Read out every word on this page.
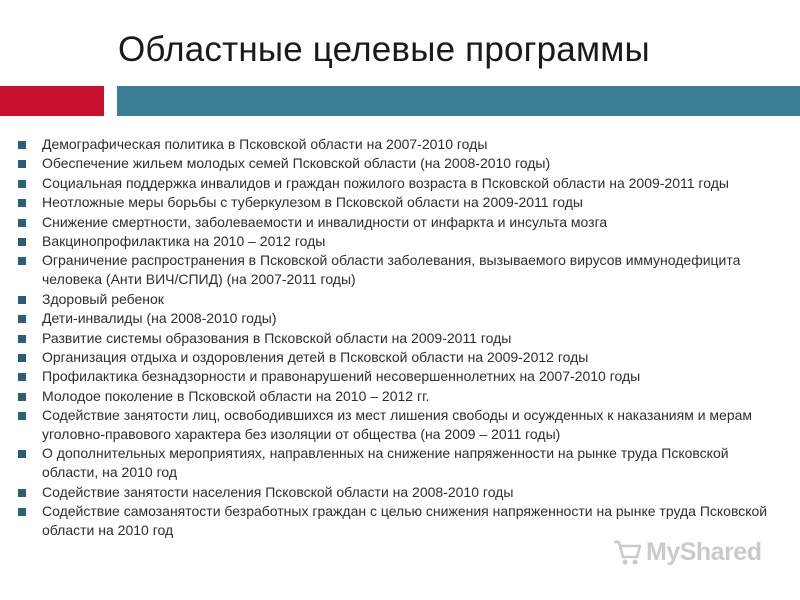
Областные целевые программы
Демографическая политика в Псковской области на 2007-2010 годы
Обеспечение жильем молодых семей Псковской области (на 2008-2010 годы)
Социальная поддержка инвалидов и граждан пожилого возраста в Псковской области на 2009-2011 годы
Неотложные меры борьбы с туберкулезом в Псковской области на 2009-2011 годы
Снижение смертности, заболеваемости и инвалидности от инфаркта и инсульта мозга
Вакцинопрофилактика на 2010 – 2012 годы
Ограничение распространения в Псковской области заболевания, вызываемого вирусов иммунодефицита человека (Анти ВИЧ/СПИД) (на 2007-2011 годы)
Здоровый ребенок
Дети-инвалиды (на 2008-2010 годы)
Развитие системы образования в Псковской области на 2009-2011 годы
Организация отдыха и оздоровления детей в Псковской области на 2009-2012 годы
Профилактика безнадзорности и правонарушений несовершеннолетних на 2007-2010 годы
Молодое поколение в Псковской области на 2010 – 2012 гг.
Содействие занятости лиц, освободившихся из мест лишения свободы и осужденных к наказаниям и мерам уголовно-правового характера без изоляции от общества (на 2009 – 2011 годы)
О дополнительных мероприятиях, направленных на снижение напряженности на рынке труда Псковской области, на 2010 год
Содействие занятости населения Псковской области на 2008-2010 годы
Содействие самозанятости безработных граждан с целью снижения напряженности на рынке труда Псковской области на 2010 год
MyShared
